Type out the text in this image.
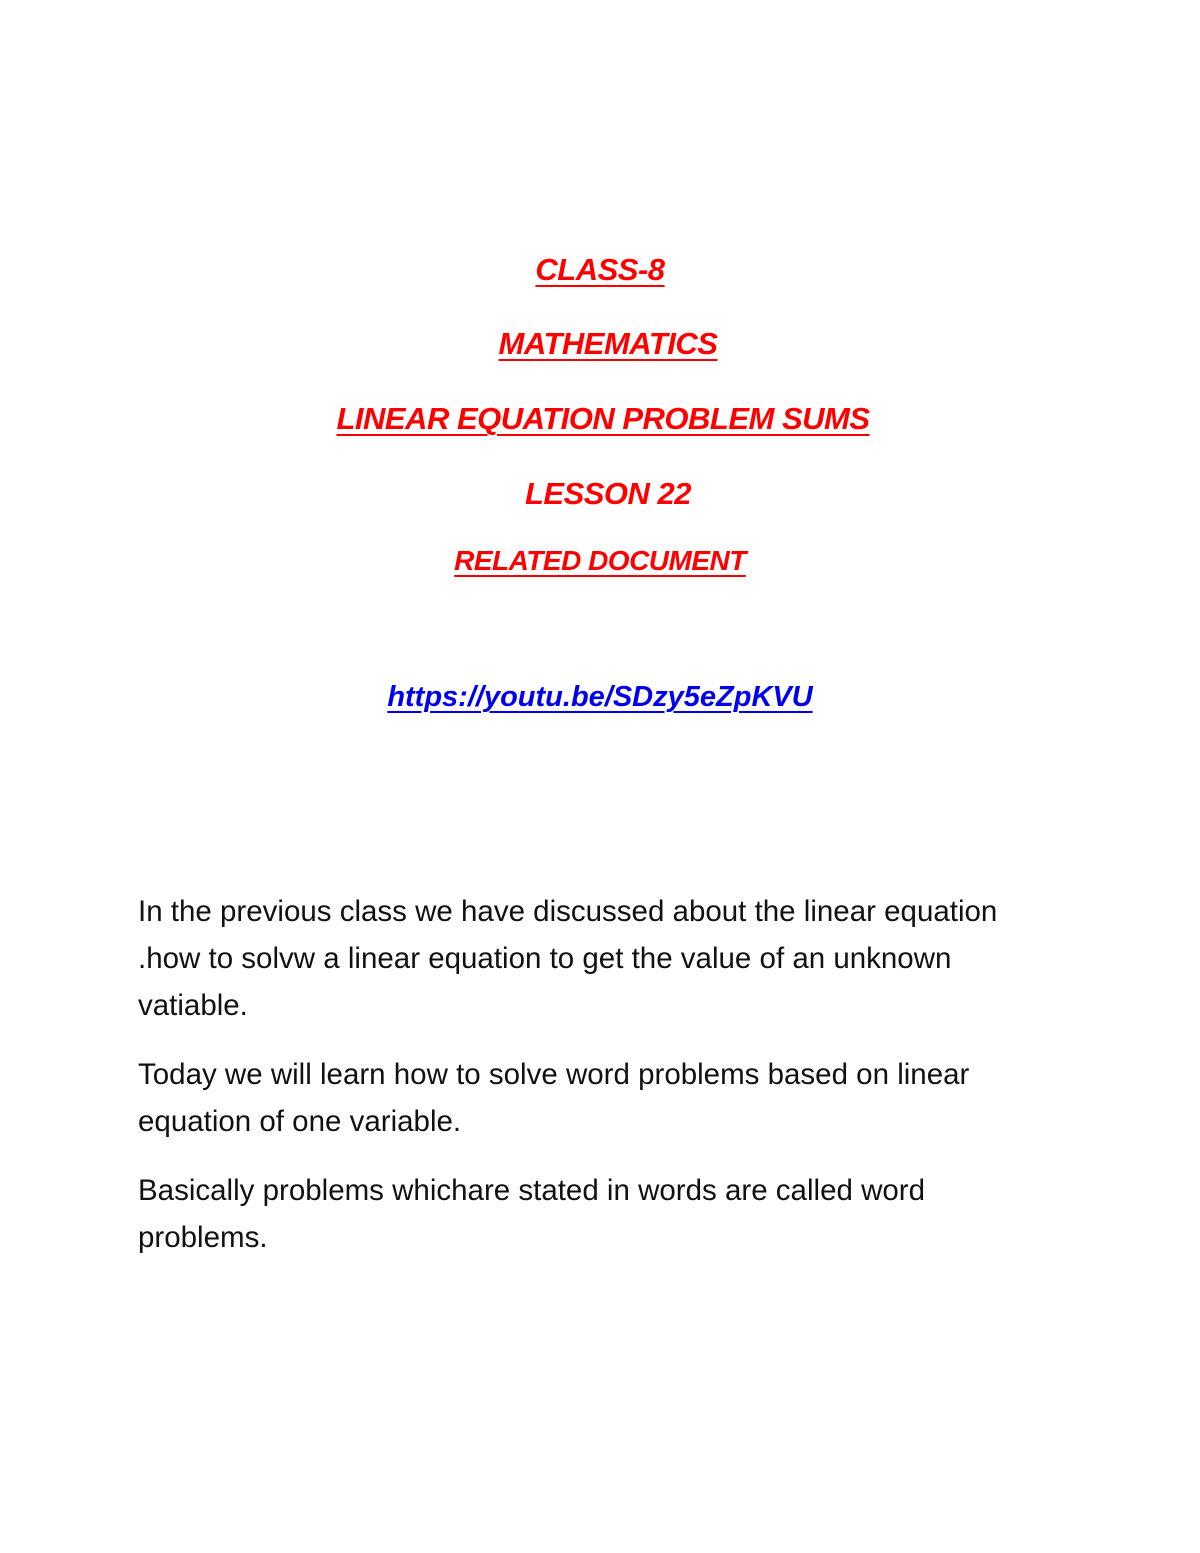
CLASS-8
MATHEMATICS
LINEAR EQUATION PROBLEM SUMS
LESSON 22
RELATED DOCUMENT
https://youtu.be/SDzy5eZpKVU

In the previous class we have discussed about the linear equation .how to solvw a linear equation to get the value of an unknown vatiable.

Today we will learn how to solve word problems based on linear equation of one variable.

Basically problems whichare stated in words are called word problems.
